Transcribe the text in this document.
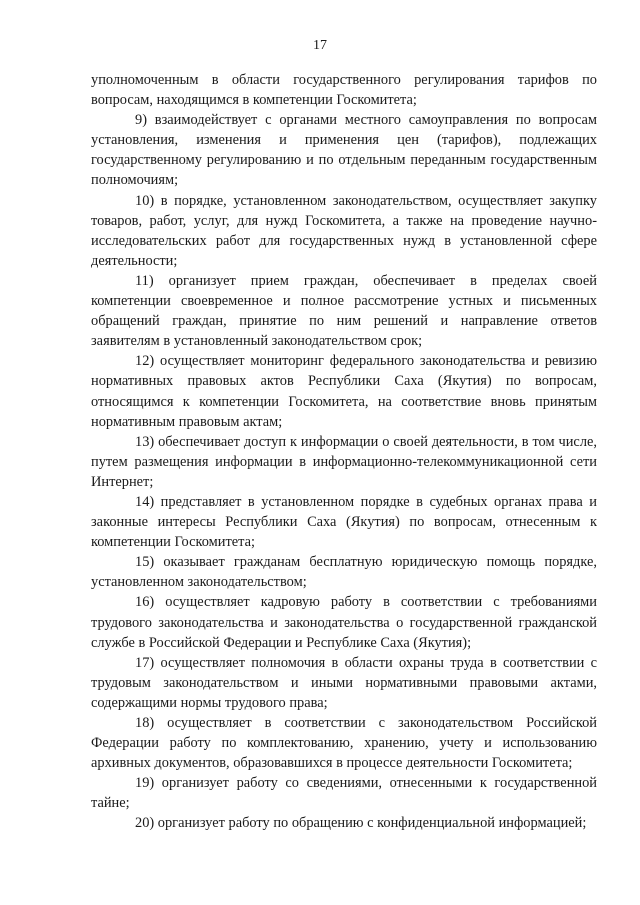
17

уполномоченным в области государственного регулирования тарифов по вопросам, находящимся в компетенции Госкомитета;

9) взаимодействует с органами местного самоуправления по вопросам установления, изменения и применения цен (тарифов), подлежащих государственному регулированию и по отдельным переданным государственным полномочиям;

10) в порядке, установленном законодательством, осуществляет закупку товаров, работ, услуг, для нужд Госкомитета, а также на проведение научно-исследовательских работ для государственных нужд в установленной сфере деятельности;

11) организует прием граждан, обеспечивает в пределах своей компетенции своевременное и полное рассмотрение устных и письменных обращений граждан, принятие по ним решений и направление ответов заявителям в установленный законодательством срок;

12) осуществляет мониторинг федерального законодательства и ревизию нормативных правовых актов Республики Саха (Якутия) по вопросам, относящимся к компетенции Госкомитета, на соответствие вновь принятым нормативным правовым актам;

13) обеспечивает доступ к информации о своей деятельности, в том числе, путем размещения информации в информационно-телекоммуникационной сети Интернет;

14) представляет в установленном порядке в судебных органах права и законные интересы Республики Саха (Якутия) по вопросам, отнесенным к компетенции Госкомитета;

15) оказывает гражданам бесплатную юридическую помощь порядке, установленном законодательством;

16) осуществляет кадровую работу в соответствии с требованиями трудового законодательства и законодательства о государственной гражданской службе в Российской Федерации и Республике Саха (Якутия);

17) осуществляет полномочия в области охраны труда в соответствии с трудовым законодательством и иными нормативными правовыми актами, содержащими нормы трудового права;

18) осуществляет в соответствии с законодательством Российской Федерации работу по комплектованию, хранению, учету и использованию архивных документов, образовавшихся в процессе деятельности Госкомитета;

19) организует работу со сведениями, отнесенными к государственной тайне;

20) организует работу по обращению с конфиденциальной информацией;
